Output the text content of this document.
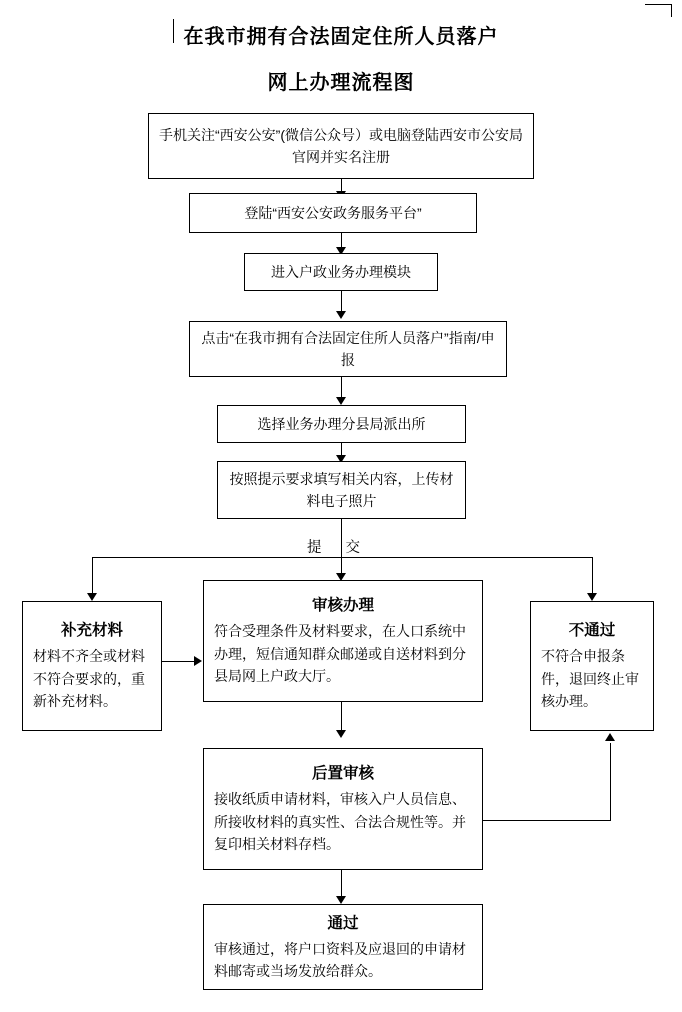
在我市拥有合法固定住所人员落户
网上办理流程图
手机关注“西安公安”(微信公众号）或电脑登陆西安市公安局官网并实名注册
登陆“西安公安政务服务平台”
进入户政业务办理模块
点击“在我市拥有合法固定住所人员落户”指南/申报
选择业务办理分县局派出所
按照提示要求填写相关内容，上传材料电子照片
提 交
补充材料
材料不齐全或材料不符合要求的，重新补充材料。
审核办理
符合受理条件及材料要求，在人口系统中办理，短信通知群众邮递或自送材料到分县局网上户政大厅。
不通过
不符合申报条件，退回终止审核办理。
后置审核
接收纸质申请材料，审核入户人员信息、所接收材料的真实性、合法合规性等。并复印相关材料存档。
通过
审核通过，将户口资料及应退回的申请材料邮寄或当场发放给群众。
